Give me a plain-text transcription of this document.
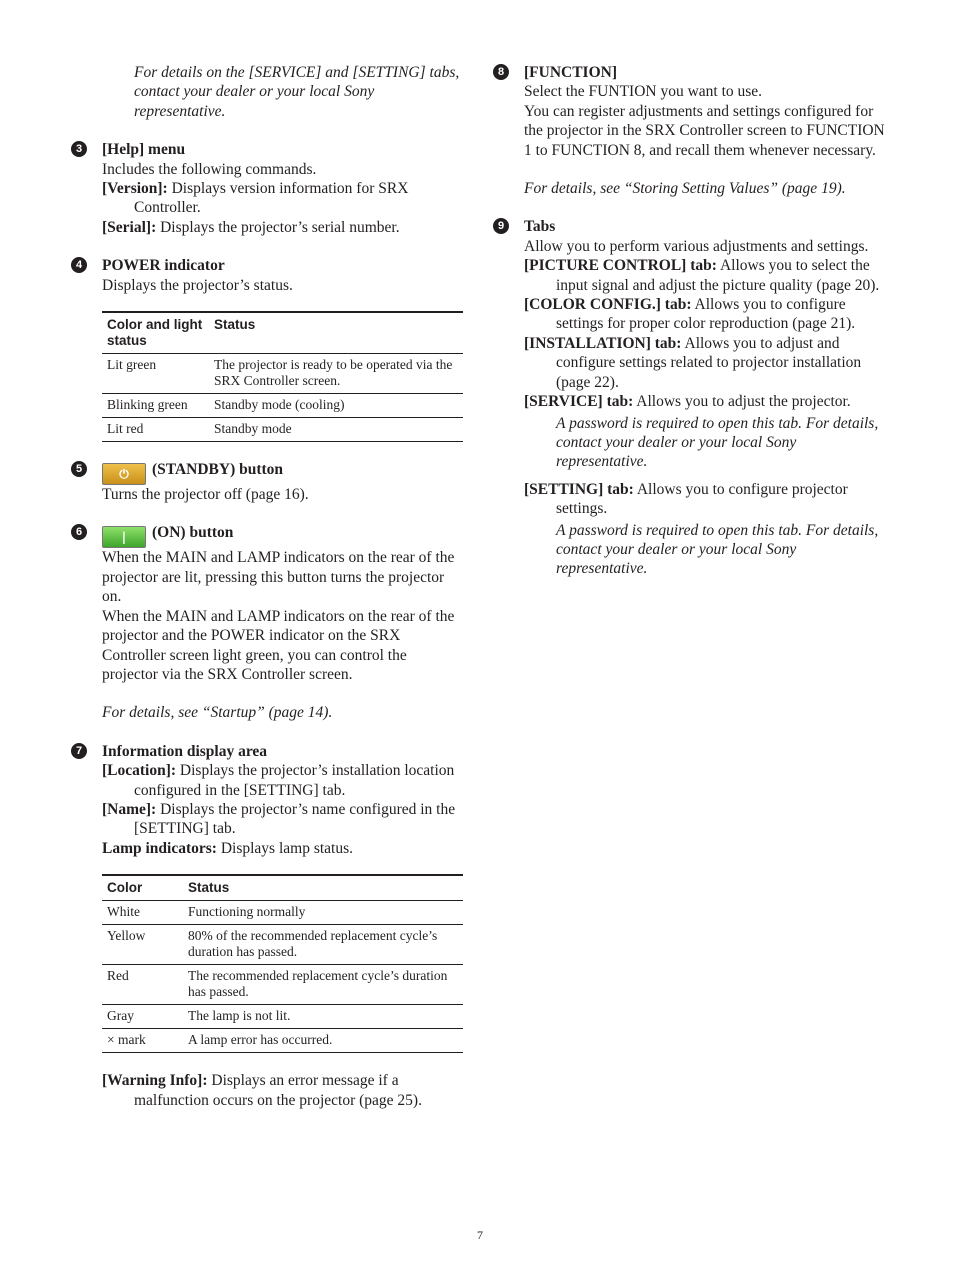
For details on the [SERVICE] and [SETTING] tabs, contact your dealer or your local Sony representative.

3	[Help] menu

Includes the following commands.

[Version]: Displays version information for SRX Controller.

[Serial]: Displays the projector’s serial number.

4	POWER indicator

Displays the projector’s status.

Color and light status	Status
Lit green	The projector is ready to be operated via the SRX Controller screen.
Blinking green	Standby mode (cooling)
Lit red	Standby mode
5	⏻ (STANDBY) button

Turns the projector off (page 16).

6	| (ON) button

When the MAIN and LAMP indicators on the rear of the projector are lit, pressing this button turns the projector on.

When the MAIN and LAMP indicators on the rear of the projector and the POWER indicator on the SRX Controller screen light green, you can control the projector via the SRX Controller screen.

For details, see “Startup” (page 14).

7	Information display area

[Location]: Displays the projector’s installation location configured in the [SETTING] tab.

[Name]: Displays the projector’s name configured in the [SETTING] tab.

Lamp indicators: Displays lamp status.

Color	Status
White	Functioning normally
Yellow	80% of the recommended replacement cycle’s duration has passed.
Red	The recommended replacement cycle’s duration has passed.
Gray	The lamp is not lit.
× mark	A lamp error has occurred.

[Warning Info]: Displays an error message if a malfunction occurs on the projector (page 25).

8	[FUNCTION]

Select the FUNTION you want to use.

You can register adjustments and settings configured for the projector in the SRX Controller screen to FUNCTION 1 to FUNCTION 8, and recall them whenever necessary.

For details, see “Storing Setting Values” (page 19).

9	Tabs

Allow you to perform various adjustments and settings.

[PICTURE CONTROL] tab: Allows you to select the input signal and adjust the picture quality (page 20).

[COLOR CONFIG.] tab: Allows you to configure settings for proper color reproduction (page 21).

[INSTALLATION] tab: Allows you to adjust and configure settings related to projector installation (page 22).

[SERVICE] tab: Allows you to adjust the projector.

A password is required to open this tab. For details, contact your dealer or your local Sony representative.

[SETTING] tab: Allows you to configure projector settings.

A password is required to open this tab. For details, contact your dealer or your local Sony representative.

7
